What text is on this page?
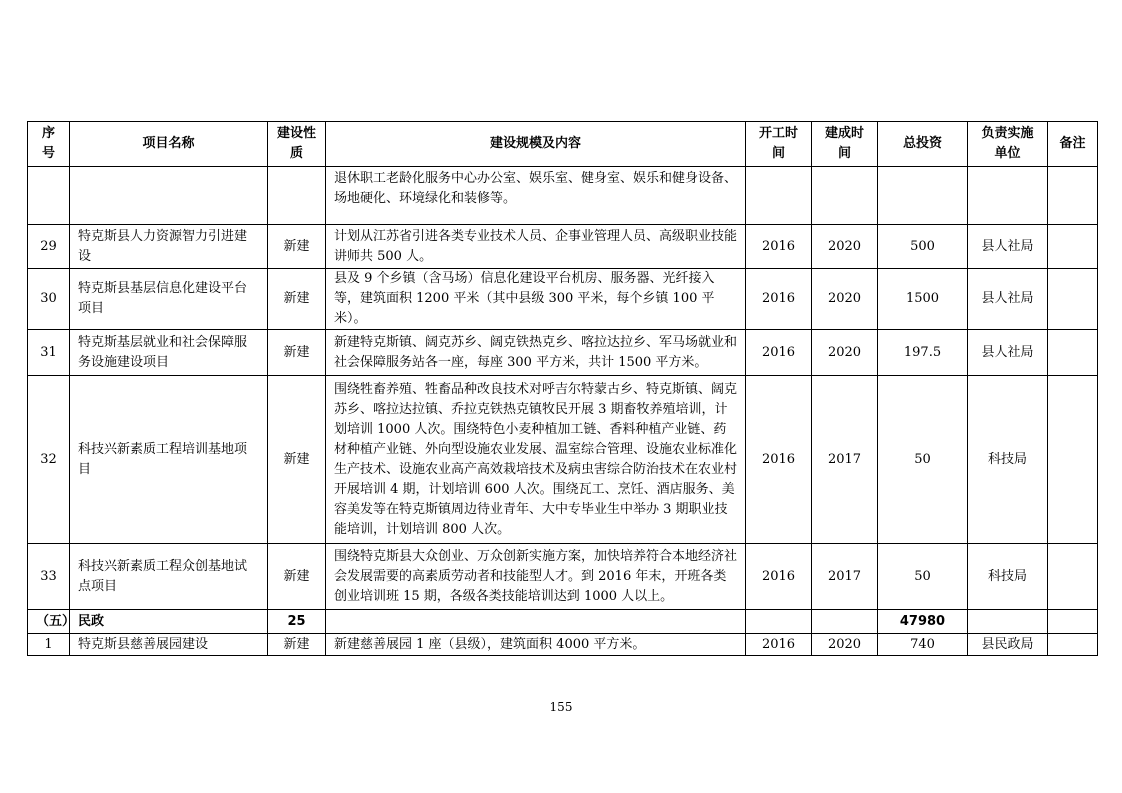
序号	项目名称	建设性质	建设规模及内容	开工时间	建成时间	总投资	负责实施单位	备注
			退休职工老龄化服务中心办公室、娱乐室、健身室、娱乐和健身设备、场地硬化、环境绿化和装修等。					
29	特克斯县人力资源智力引进建设	新建	计划从江苏省引进各类专业技术人员、企事业管理人员、高级职业技能讲师共 500 人。	2016	2020	500	县人社局	
30	特克斯县基层信息化建设平台项目	新建	县及 9 个乡镇（含马场）信息化建设平台机房、服务器、光纤接入等，建筑面积 1200 平米（其中县级 300 平米，每个乡镇 100 平米）。	2016	2020	1500	县人社局	
31	特克斯基层就业和社会保障服务设施建设项目	新建	新建特克斯镇、阔克苏乡、阔克铁热克乡、喀拉达拉乡、军马场就业和社会保障服务站各一座，每座 300 平方米，共计 1500 平方米。	2016	2020	197.5	县人社局	
32	科技兴新素质工程培训基地项目	新建	围绕牲畜养殖、牲畜品种改良技术对呼吉尔特蒙古乡、特克斯镇、阔克苏乡、喀拉达拉镇、乔拉克铁热克镇牧民开展 3 期畜牧养殖培训，计划培训 1000 人次。围绕特色小麦种植加工链、香料种植产业链、药材种植产业链、外向型设施农业发展、温室综合管理、设施农业标准化生产技术、设施农业高产高效栽培技术及病虫害综合防治技术在农业村开展培训 4 期，计划培训 600 人次。围绕瓦工、烹饪、酒店服务、美容美发等在特克斯镇周边待业青年、大中专毕业生中举办 3 期职业技能培训，计划培训 800 人次。	2016	2017	50	科技局	
33	科技兴新素质工程众创基地试点项目	新建	围绕特克斯县大众创业、万众创新实施方案，加快培养符合本地经济社会发展需要的高素质劳动者和技能型人才。到 2016 年末，开班各类创业培训班 15 期，各级各类技能培训达到 1000 人以上。	2016	2017	50	科技局	
（五）	民政	25				47980		
1	特克斯县慈善展园建设	新建	新建慈善展园 1 座（县级），建筑面积 4000 平方米。	2016	2020	740	县民政局	
155
